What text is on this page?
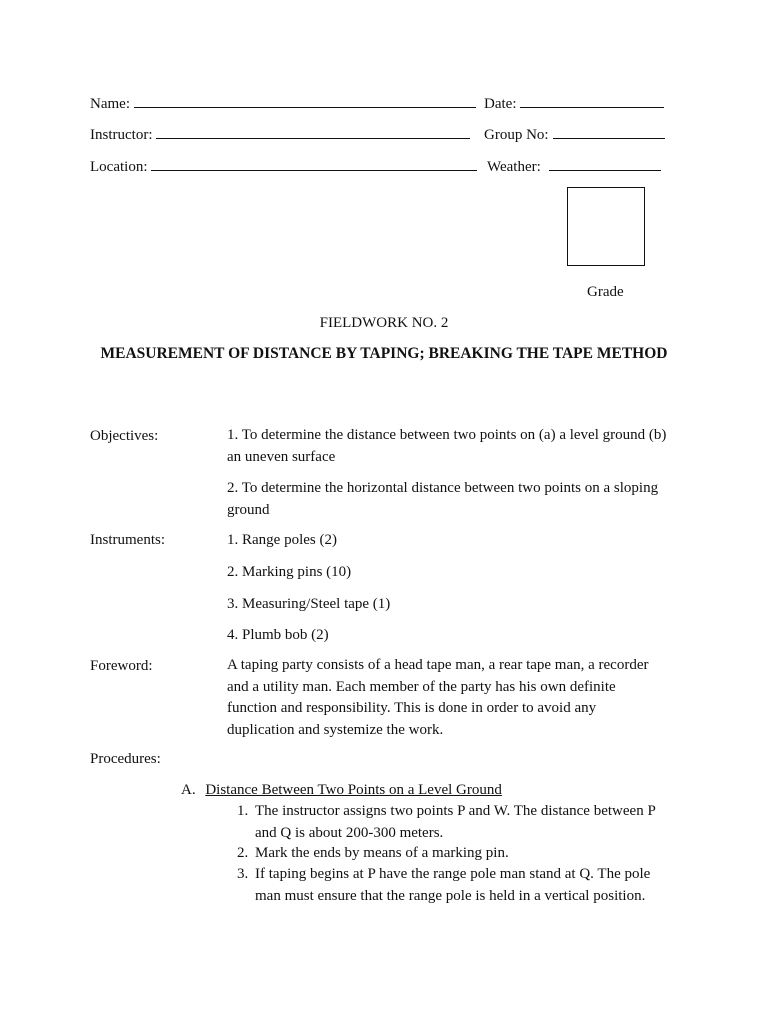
Name:	Date:
Instructor:	Group No:
Location:	Weather:
Grade
FIELDWORK NO. 2
MEASUREMENT OF DISTANCE BY TAPING; BREAKING THE TAPE METHOD
Objectives:	1. To determine the distance between two points on (a) a level ground (b) an uneven surface
2. To determine the horizontal distance between two points on a sloping ground
Instruments:	1. Range poles (2)
2. Marking pins (10)
3. Measuring/Steel tape (1)
4. Plumb bob (2)
Foreword:	A taping party consists of a head tape man, a rear tape man, a recorder and a utility man. Each member of the party has his own definite function and responsibility. This is done in order to avoid any duplication and systemize the work.
Procedures:
A. Distance Between Two Points on a Level Ground
1. The instructor assigns two points P and W. The distance between P and Q is about 200-300 meters.
2. Mark the ends by means of a marking pin.
3. If taping begins at P have the range pole man stand at Q. The pole man must ensure that the range pole is held in a vertical position.
